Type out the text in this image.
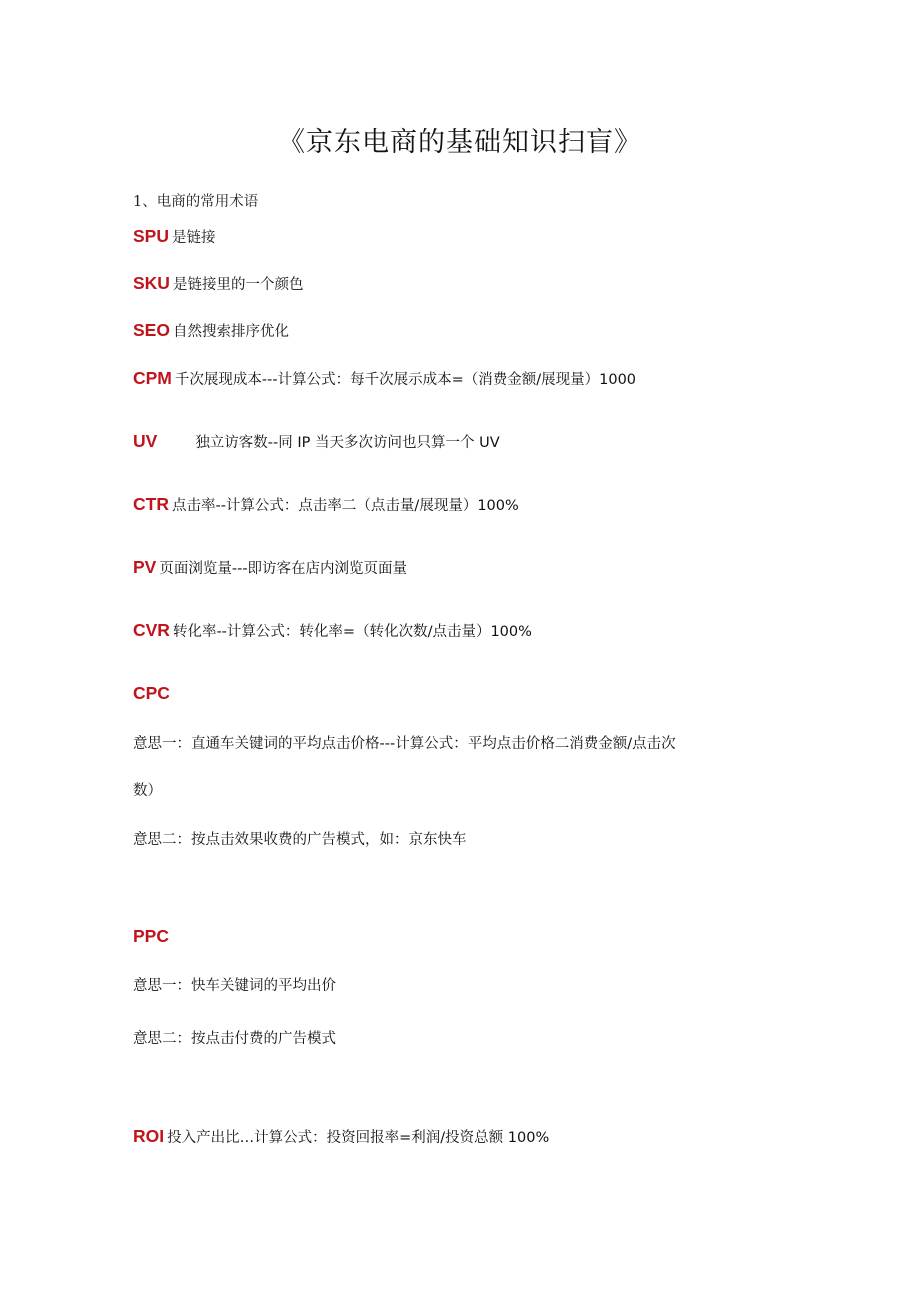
《京东电商的基础知识扫盲》
1、电商的常用术语
SPU 是链接
SKU 是链接里的一个颜色
SEO 自然搜索排序优化
CPM 千次展现成本---计算公式：每千次展示成本=（消费金额/展现量）1000
UV	独立访客数--同 IP 当天多次访问也只算一个 UV
CTR 点击率--计算公式：点击率二（点击量/展现量）100%
PV 页面浏览量---即访客在店内浏览页面量
CVR 转化率--计算公式：转化率=（转化次数/点击量）100%
CPC
意思一：直通车关键词的平均点击价格---计算公式：平均点击价格二消费金额/点击次
数）
意思二：按点击效果收费的广告模式，如：京东快车
PPC
意思一：快车关键词的平均出价
意思二：按点击付费的广告模式
ROI 投入产出比…计算公式：投资回报率=利润/投资总额 100%
